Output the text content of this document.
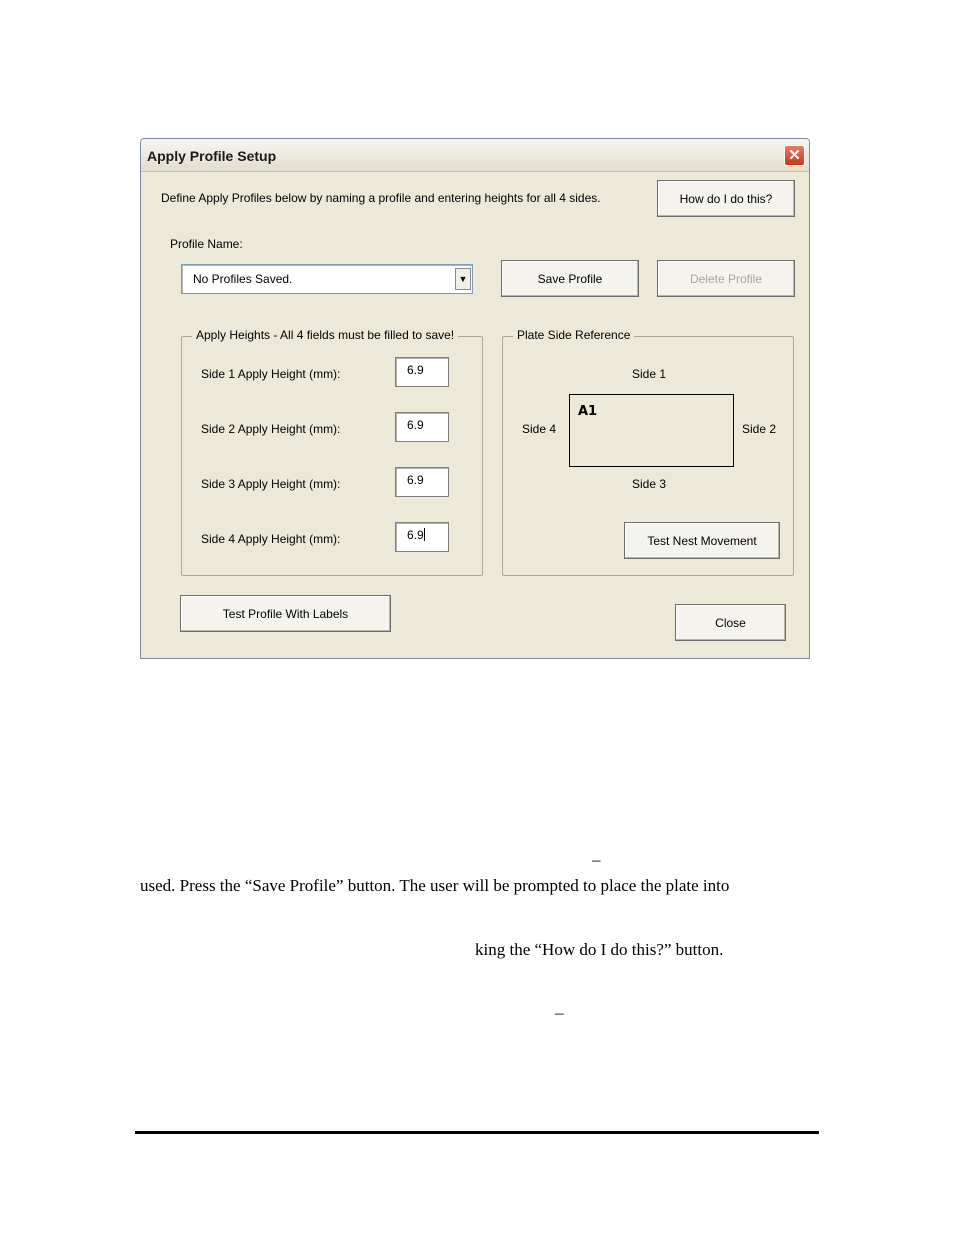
Apply Profile Setup	✕
Define Apply Profiles below by naming a profile and entering heights for all 4 sides.	How do I do this?
Profile Name:
No Profiles Saved.	▼	Save Profile	Delete Profile
Apply Heights - All 4 fields must be filled to save!
Side 1 Apply Height (mm):	6.9
Side 2 Apply Height (mm):	6.9
Side 3 Apply Height (mm):	6.9
Side 4 Apply Height (mm):	6.9
Plate Side Reference
Side 1
Side 4	Side 2
A1
Side 3
Test Nest Movement
Test Profile With Labels
Close
–
used. Press the “Save Profile” button. The user will be prompted to place the plate into
king the “How do I do this?” button.
–
